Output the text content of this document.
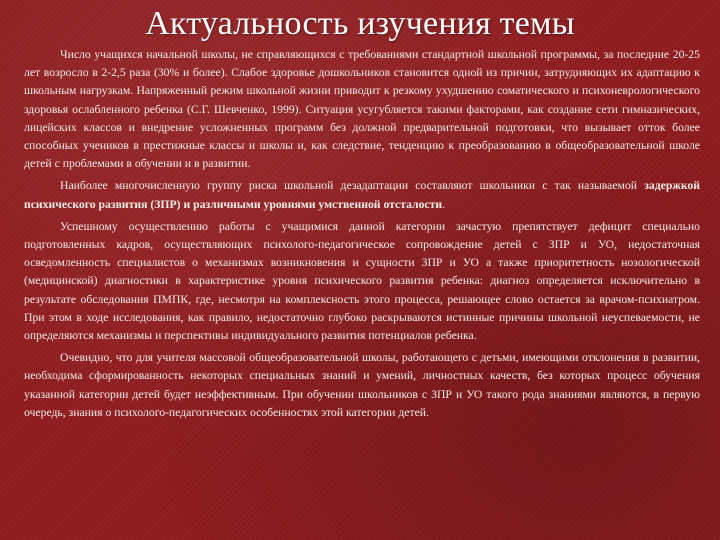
Актуальность изучения темы

Число учащихся начальной школы, не справляющихся с требованиями стандартной школьной программы, за последние 20-25 лет возросло в 2-2,5 раза (30% и более). Слабое здоровье дошкольников становится одной из причин, затрудняющих их адаптацию к школьным нагрузкам. Напряженный режим школьной жизни приводит к резкому ухудшению соматического и психоневрологического здоровья ослабленного ребенка (С.Г. Шевченко, 1999). Ситуация усугубляется такими факторами, как создание сети гимназических, лицейских классов и внедрение усложненных программ без должной предварительной подготовки, что вызывает отток более способных учеников в престижные классы и школы и, как следствие, тенденцию к преобразованию в общеобразовательной школе детей с проблемами в обучении и в развитии.

Наиболее многочисленную группу риска школьной дезадаптации составляют школьники с так называемой задержкой психического развития (ЗПР) и различными уровнями умственной отсталости.

Успешному осуществлению работы с учащимися данной категории зачастую препятствует дефицит специально подготовленных кадров, осуществляющих психолого-педагогическое сопровождение детей с ЗПР и УО, недостаточная осведомленность специалистов о механизмах возникновения и сущности ЗПР и УО а также приоритетность нозологической (медицинской) диагностики в характеристике уровня психического развития ребенка: диагноз определяется исключительно в результате обследования ПМПК, где, несмотря на комплексность этого процесса, решающее слово остается за врачом-психиатром. При этом в ходе исследования, как правило, недостаточно глубоко раскрываются истинные причины школьной неуспеваемости, не определяются механизмы и перспективы индивидуального развития потенциалов ребенка.

Очевидно, что для учителя массовой общеобразовательной школы, работающего с детьми, имеющими отклонения в развитии, необходима сформированность некоторых специальных знаний и умений, личностных качеств, без которых процесс обучения указанной категории детей будет неэффективным. При обучении школьников с ЗПР и УО такого рода знаниями являются, в первую очередь, знания о психолого-педагогических особенностях этой категории детей.
